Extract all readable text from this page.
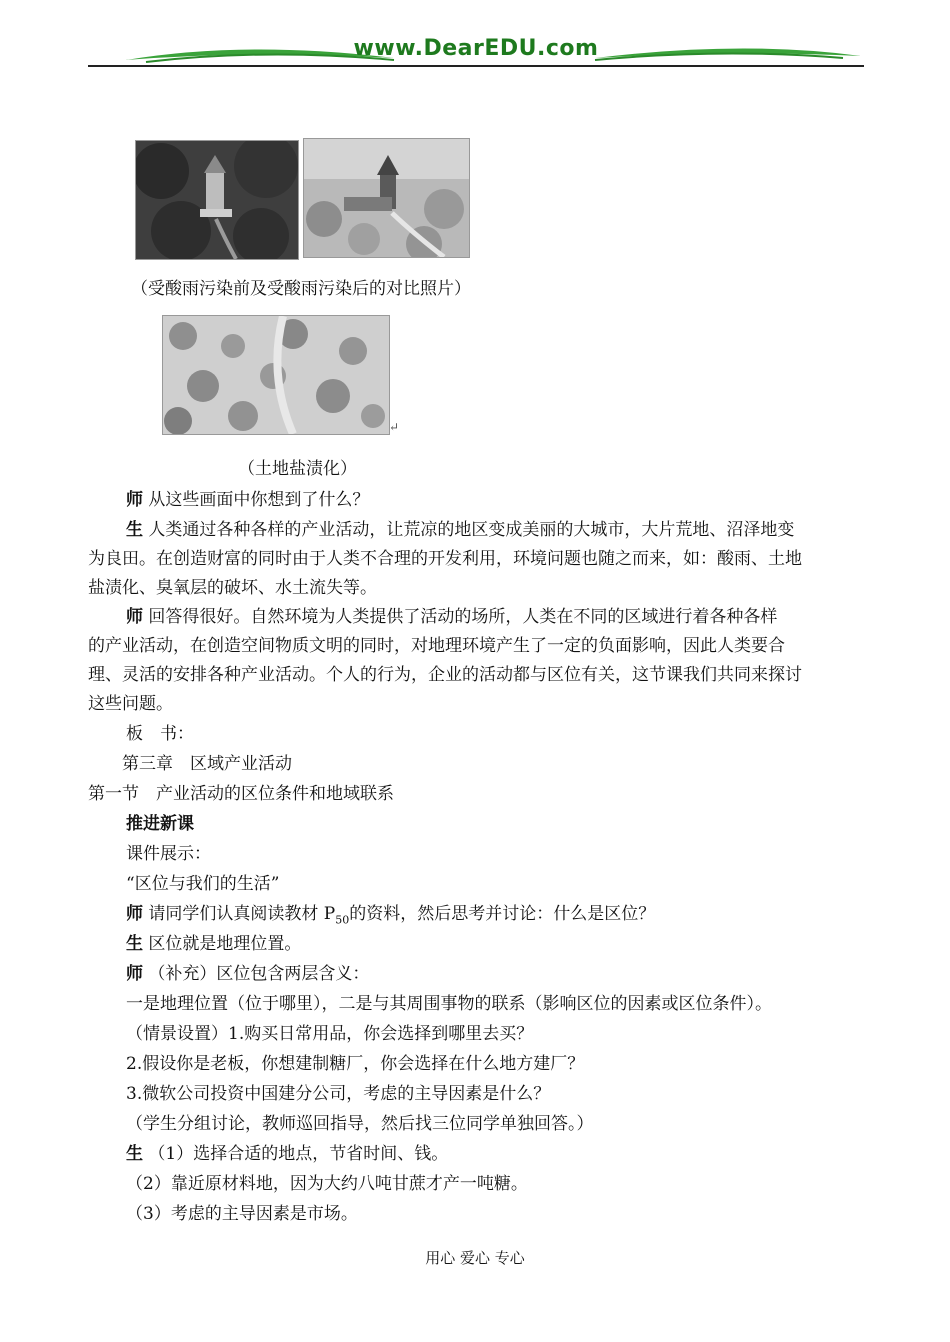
www.DearEDU.com
（受酸雨污染前及受酸雨污染后的对比照片）
↵
（土地盐渍化）
师 从这些画面中你想到了什么？
生 人类通过各种各样的产业活动，让荒凉的地区变成美丽的大城市，大片荒地、沼泽地变
为良田。在创造财富的同时由于人类不合理的开发利用，环境问题也随之而来，如：酸雨、土地
盐渍化、臭氧层的破坏、水土流失等。
师 回答得很好。自然环境为人类提供了活动的场所，人类在不同的区域进行着各种各样
的产业活动，在创造空间物质文明的同时，对地理环境产生了一定的负面影响，因此人类要合
理、灵活的安排各种产业活动。个人的行为，企业的活动都与区位有关，这节课我们共同来探讨
这些问题。
板　书：
第三章　区域产业活动
第一节　产业活动的区位条件和地域联系
推进新课
课件展示：
“区位与我们的生活”
师 请同学们认真阅读教材 $P_{50}$的资料，然后思考并讨论：什么是区位？
生 区位就是地理位置。
师 （补充）区位包含两层含义：
一是地理位置（位于哪里），二是与其周围事物的联系（影响区位的因素或区位条件）。
（情景设置）1.购买日常用品，你会选择到哪里去买？
2.假设你是老板，你想建制糖厂，你会选择在什么地方建厂？
3.微软公司投资中国建分公司，考虑的主导因素是什么？
（学生分组讨论，教师巡回指导，然后找三位同学单独回答。）
生 （1）选择合适的地点，节省时间、钱。
（2）靠近原材料地，因为大约八吨甘蔗才产一吨糖。
（3）考虑的主导因素是市场。
用心 爱心 专心
